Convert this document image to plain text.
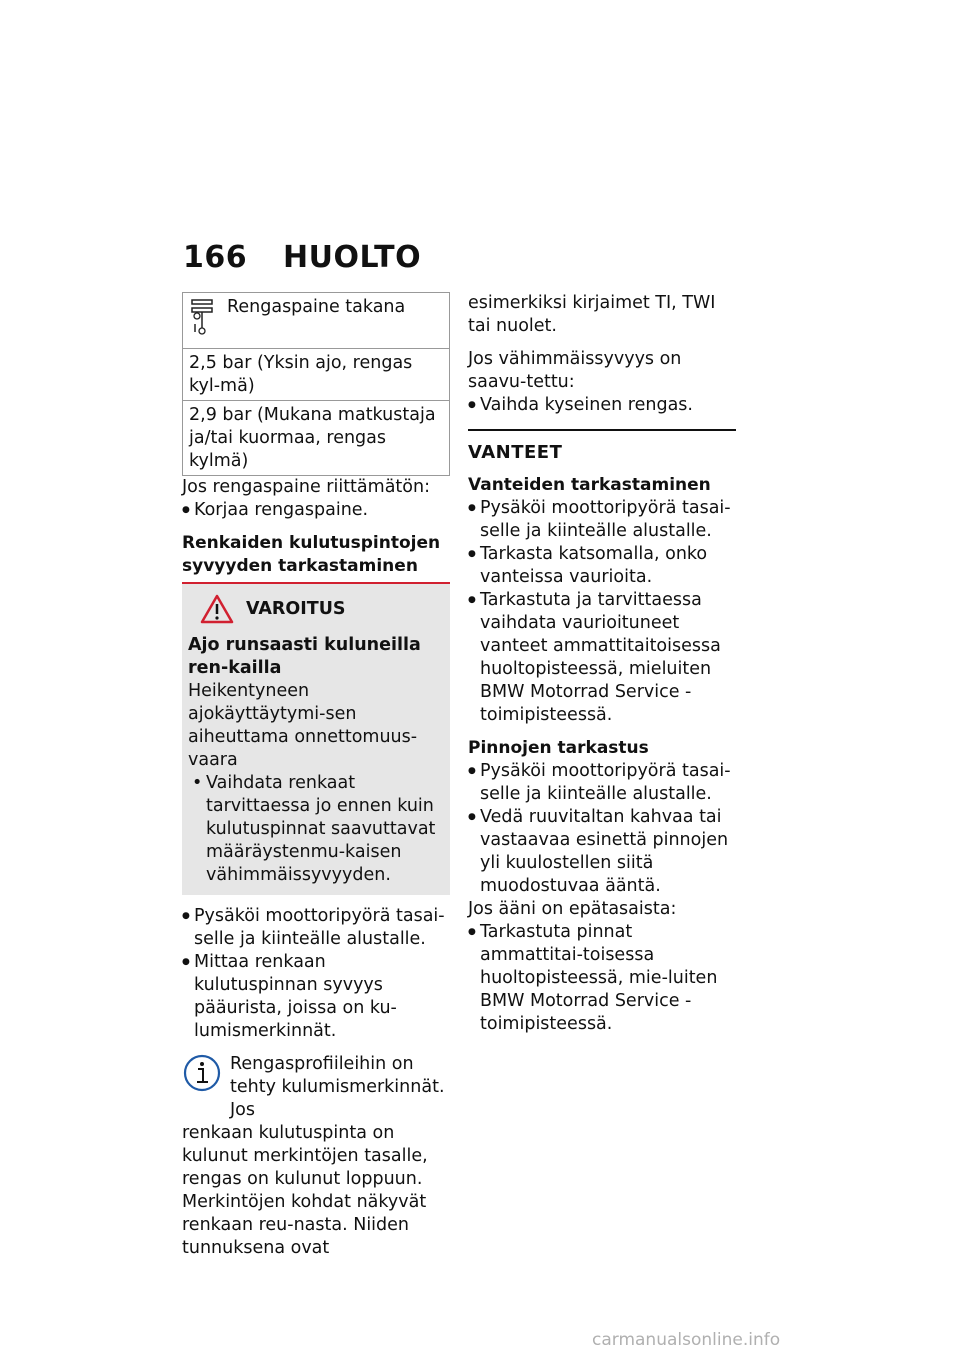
166 HUOLTO
Rengaspaine takana

2,5 bar (Yksin ajo, rengas kyl-mä)
2,9 bar (Mukana matkustaja ja/tai kuormaa, rengas kylmä)

Jos rengaspaine riittämätön:

● Korjaa rengaspaine.

Renkaiden kulutuspintojen syvyyden tarkastaminen

VAROITUS

Ajo runsaasti kuluneilla ren-kailla

Heikentyneen ajokäyttäytymi-sen aiheuttama onnettomuus-vaara

• Vaihdata renkaat tarvittaessa jo ennen kuin kulutuspinnat saavuttavat määräystenmu-kaisen vähimmäissyvyyden.

● Pysäköi moottoripyörä tasai-selle ja kiinteälle alustalle.

● Mittaa renkaan kulutuspinnan syvyys pääurista, joissa on ku-lumismerkinnät.

Rengasprofiileihin on tehty kulumismerkinnät. Jos

renkaan kulutuspinta on kulunut merkintöjen tasalle, rengas on kulunut loppuun. Merkintöjen kohdat näkyvät renkaan reu-nasta. Niiden tunnuksena ovat

esimerkiksi kirjaimet TI, TWI tai nuolet.

Jos vähimmäissyvyys on saavu-tettu:

● Vaihda kyseinen rengas.

VANTEET

Vanteiden tarkastaminen

● Pysäköi moottoripyörä tasai-selle ja kiinteälle alustalle.

● Tarkasta katsomalla, onko vanteissa vaurioita.

● Tarkastuta ja tarvittaessa vaihdata vaurioituneet vanteet ammattitaitoisessa huoltopisteessä, mieluiten BMW Motorrad Service -toimipisteessä.

Pinnojen tarkastus

● Pysäköi moottoripyörä tasai-selle ja kiinteälle alustalle.

● Vedä ruuvitaltan kahvaa tai vastaavaa esinettä pinnojen yli kuulostellen siitä muodostuvaa ääntä.

Jos ääni on epätasaista:

● Tarkastuta pinnat ammattitai-toisessa huoltopisteessä, mie-luiten BMW Motorrad Service -toimipisteessä.

carmanualsonline.info
